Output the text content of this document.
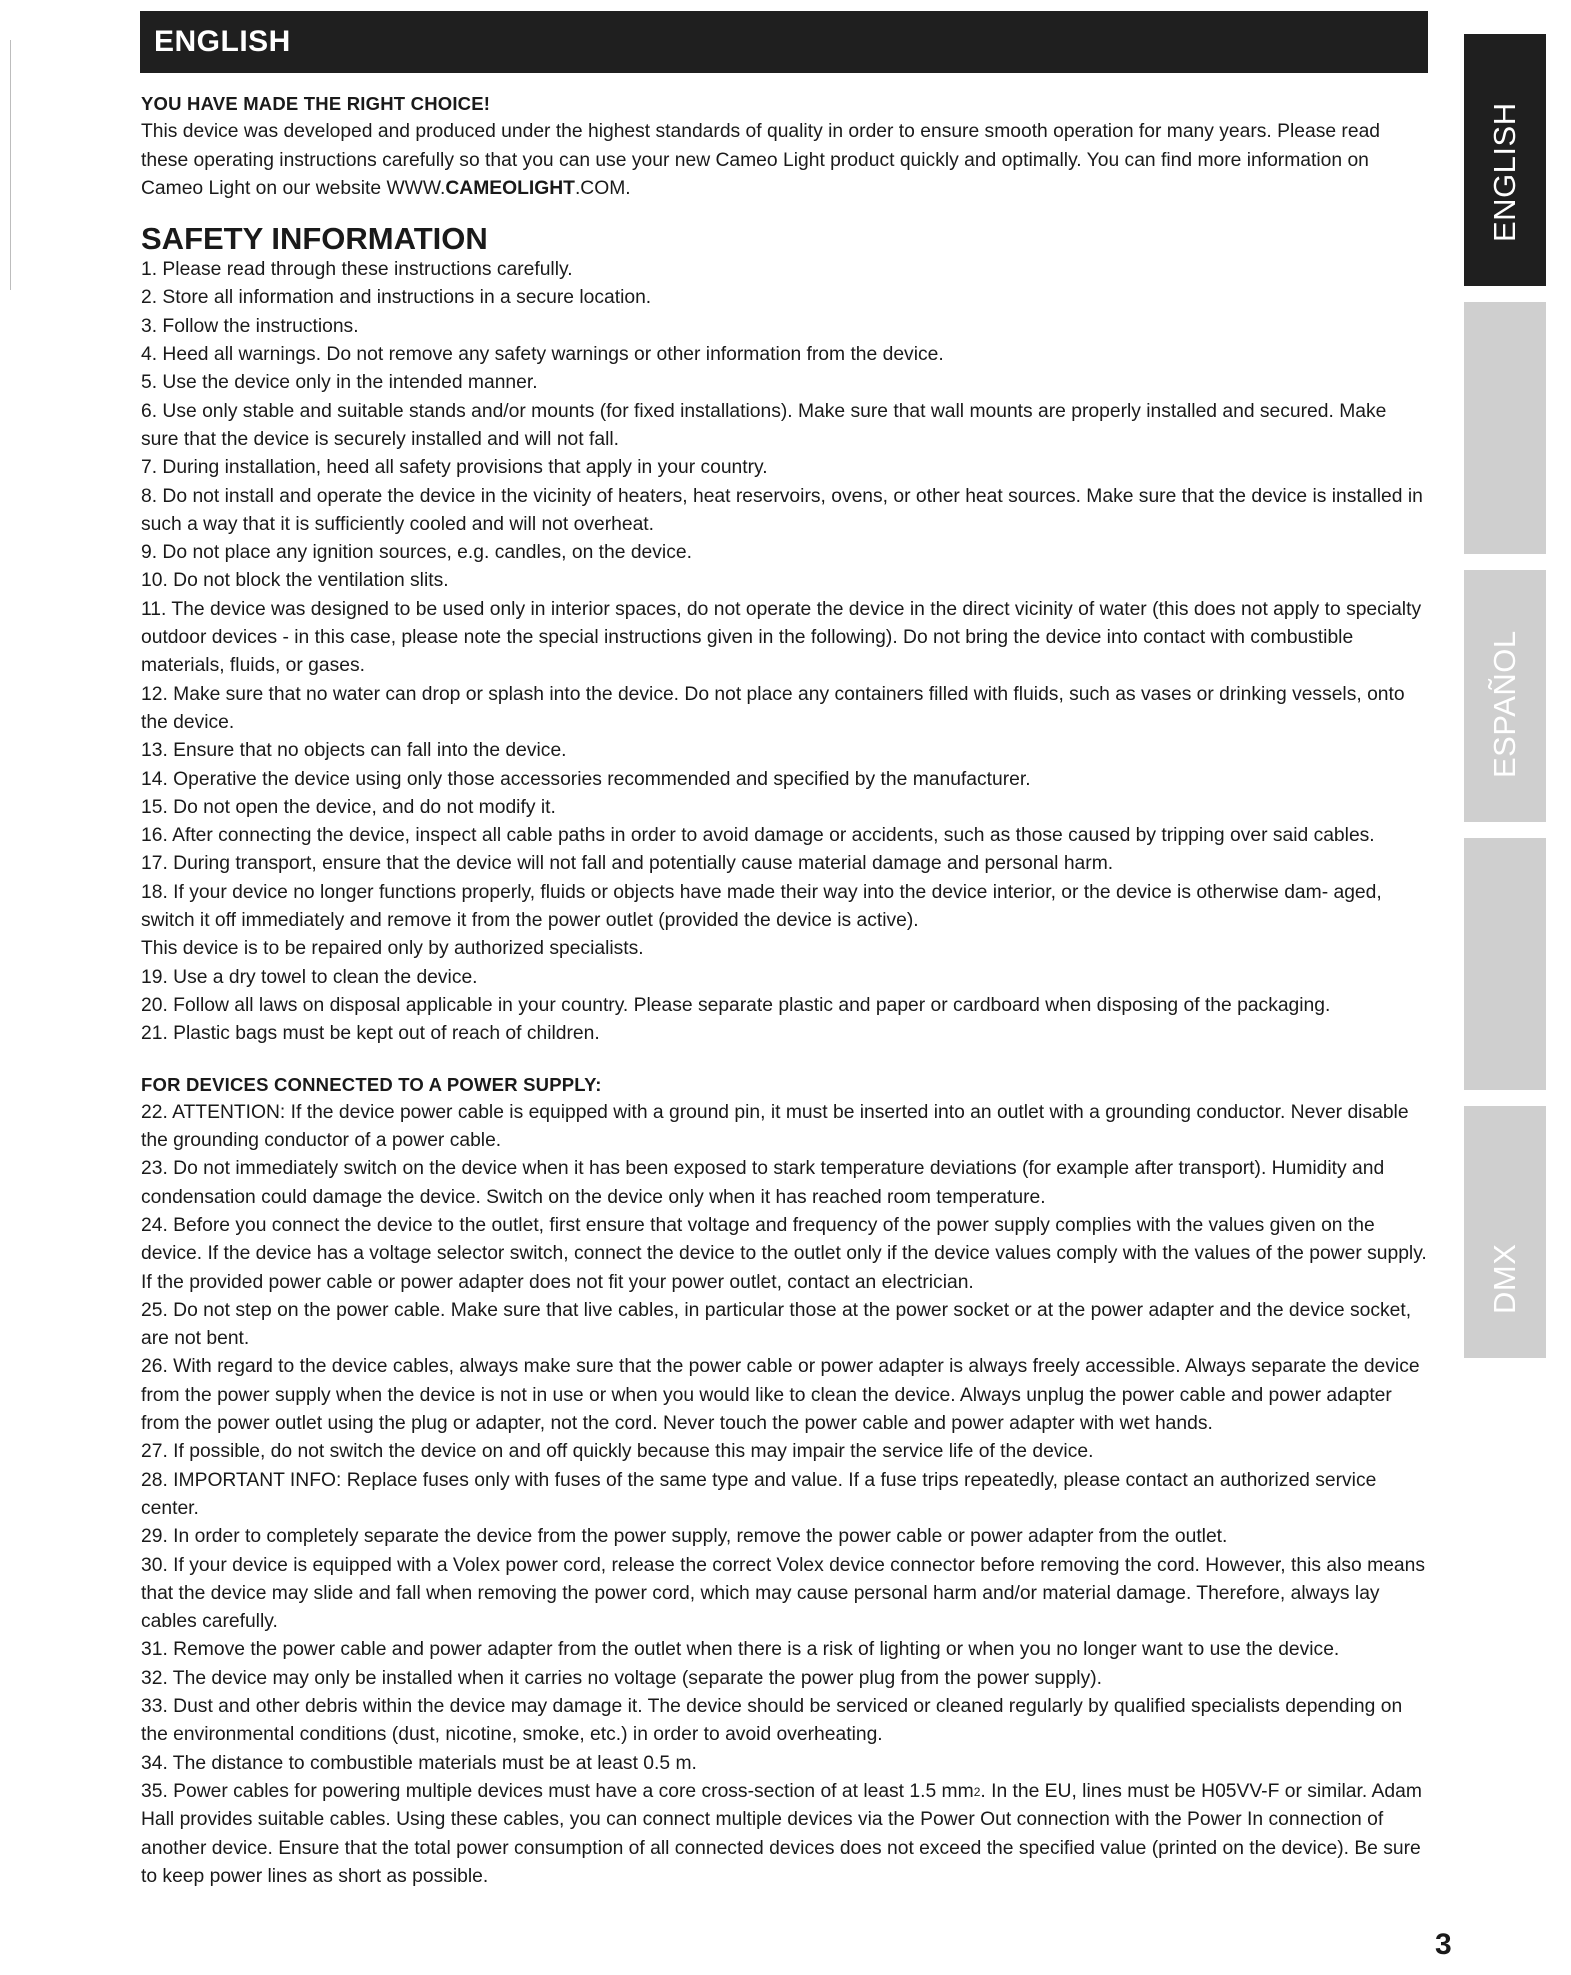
ENGLISH

YOU HAVE MADE THE RIGHT CHOICE!

This device was developed and produced under the highest standards of quality in order to ensure smooth operation for many years. Please read these operating instructions carefully so that you can use your new Cameo Light product quickly and optimally. You can find more information on Cameo Light on our website WWW.CAMEOLIGHT.COM.

SAFETY INFORMATION

1. Please read through these instructions carefully.

2. Store all information and instructions in a secure location.

3. Follow the instructions.

4. Heed all warnings. Do not remove any safety warnings or other information from the device.

5. Use the device only in the intended manner.

6. Use only stable and suitable stands and/or mounts (for fixed installations). Make sure that wall mounts are properly installed and secured. Make sure that the device is securely installed and will not fall.

7. During installation, heed all safety provisions that apply in your country.

8. Do not install and operate the device in the vicinity of heaters, heat reservoirs, ovens, or other heat sources. Make sure that the device is installed in such a way that it is sufficiently cooled and will not overheat.

9. Do not place any ignition sources, e.g. candles, on the device.

10. Do not block the ventilation slits.

11. The device was designed to be used only in interior spaces, do not operate the device in the direct vicinity of water (this does not apply to specialty outdoor devices - in this case, please note the special instructions given in the following). Do not bring the device into contact with combustible materials, fluids, or gases.

12. Make sure that no water can drop or splash into the device. Do not place any containers filled with fluids, such as vases or drinking vessels, onto the device.

13. Ensure that no objects can fall into the device.

14. Operative the device using only those accessories recommended and specified by the manufacturer.

15. Do not open the device, and do not modify it.

16. After connecting the device, inspect all cable paths in order to avoid damage or accidents, such as those caused by tripping over said cables.

17. During transport, ensure that the device will not fall and potentially cause material damage and personal harm.

18. If your device no longer functions properly, fluids or objects have made their way into the device interior, or the device is otherwise dam- aged, switch it off immediately and remove it from the power outlet (provided the device is active).

This device is to be repaired only by authorized specialists.

19. Use a dry towel to clean the device.

20. Follow all laws on disposal applicable in your country. Please separate plastic and paper or cardboard when disposing of the packaging.

21. Plastic bags must be kept out of reach of children.

FOR DEVICES CONNECTED TO A POWER SUPPLY:

22. ATTENTION: If the device power cable is equipped with a ground pin, it must be inserted into an outlet with a grounding conductor. Never disable the grounding conductor of a power cable.

23. Do not immediately switch on the device when it has been exposed to stark temperature deviations (for example after transport). Humidity and condensation could damage the device. Switch on the device only when it has reached room temperature.

24. Before you connect the device to the outlet, first ensure that voltage and frequency of the power supply complies with the values given on the device. If the device has a voltage selector switch, connect the device to the outlet only if the device values comply with the values of the power supply. If the provided power cable or power adapter does not fit your power outlet, contact an electrician.

25. Do not step on the power cable. Make sure that live cables, in particular those at the power socket or at the power adapter and the device socket, are not bent.

26. With regard to the device cables, always make sure that the power cable or power adapter is always freely accessible. Always separate the device from the power supply when the device is not in use or when you would like to clean the device. Always unplug the power cable and power adapter from the power outlet using the plug or adapter, not the cord. Never touch the power cable and power adapter with wet hands.

27. If possible, do not switch the device on and off quickly because this may impair the service life of the device.

28. IMPORTANT INFO: Replace fuses only with fuses of the same type and value. If a fuse trips repeatedly, please contact an authorized service center.

29. In order to completely separate the device from the power supply, remove the power cable or power adapter from the outlet.

30. If your device is equipped with a Volex power cord, release the correct Volex device connector before removing the cord. However, this also means that the device may slide and fall when removing the power cord, which may cause personal harm and/or material damage. Therefore, always lay cables carefully.

31. Remove the power cable and power adapter from the outlet when there is a risk of lighting or when you no longer want to use the device.

32. The device may only be installed when it carries no voltage (separate the power plug from the power supply).

33. Dust and other debris within the device may damage it. The device should be serviced or cleaned regularly by qualified specialists depending on the environmental conditions (dust, nicotine, smoke, etc.) in order to avoid overheating.

34. The distance to combustible materials must be at least 0.5 m.

35. Power cables for powering multiple devices must have a core cross-section of at least 1.5 $mm^2$. In the EU, lines must be H05VV-F or similar. Adam Hall provides suitable cables. Using these cables, you can connect multiple devices via the Power Out connection with the Power In connection of another device. Ensure that the total power consumption of all connected devices does not exceed the specified value (printed on the device). Be sure to keep power lines as short as possible.

ENGLISH
ESPAÑOL
DMX
3
